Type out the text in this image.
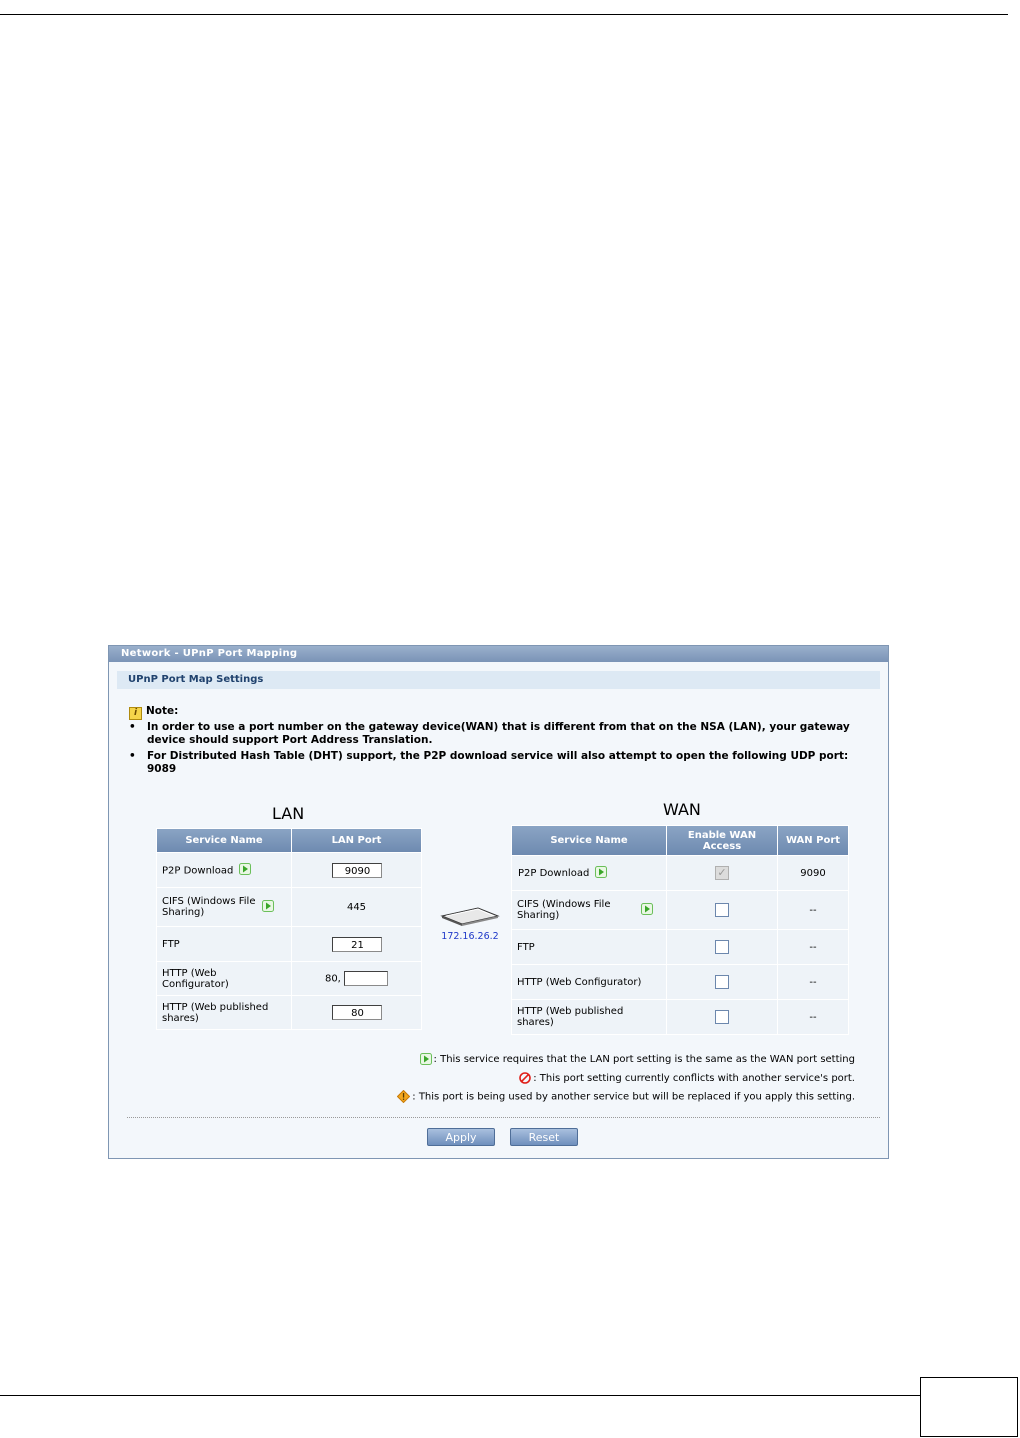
Network - UPnP Port Mapping
UPnP Port Map Settings
i Note:
• In order to use a port number on the gateway device(WAN) that is different from that on the NSA (LAN), your gateway device should support Port Address Translation.
• For Distributed Hash Table (DHT) support, the P2P download service will also attempt to open the following UDP port: 9089
LAN
Service Name	LAN Port
P2P Download	9090
CIFS (Windows File Sharing)	445
FTP	21
HTTP (Web Configurator)	80,
HTTP (Web published shares)	80
172.16.26.2
WAN
Service Name	Enable WAN Access	WAN Port
P2P Download	✓	9090
CIFS (Windows File Sharing)		--
FTP		--
HTTP (Web Configurator)		--
HTTP (Web published shares)		--
: This service requires that the LAN port setting is the same as the WAN port setting
: This port setting currently conflicts with another service's port.
: This port is being used by another service but will be replaced if you apply this setting.
Apply	Reset
